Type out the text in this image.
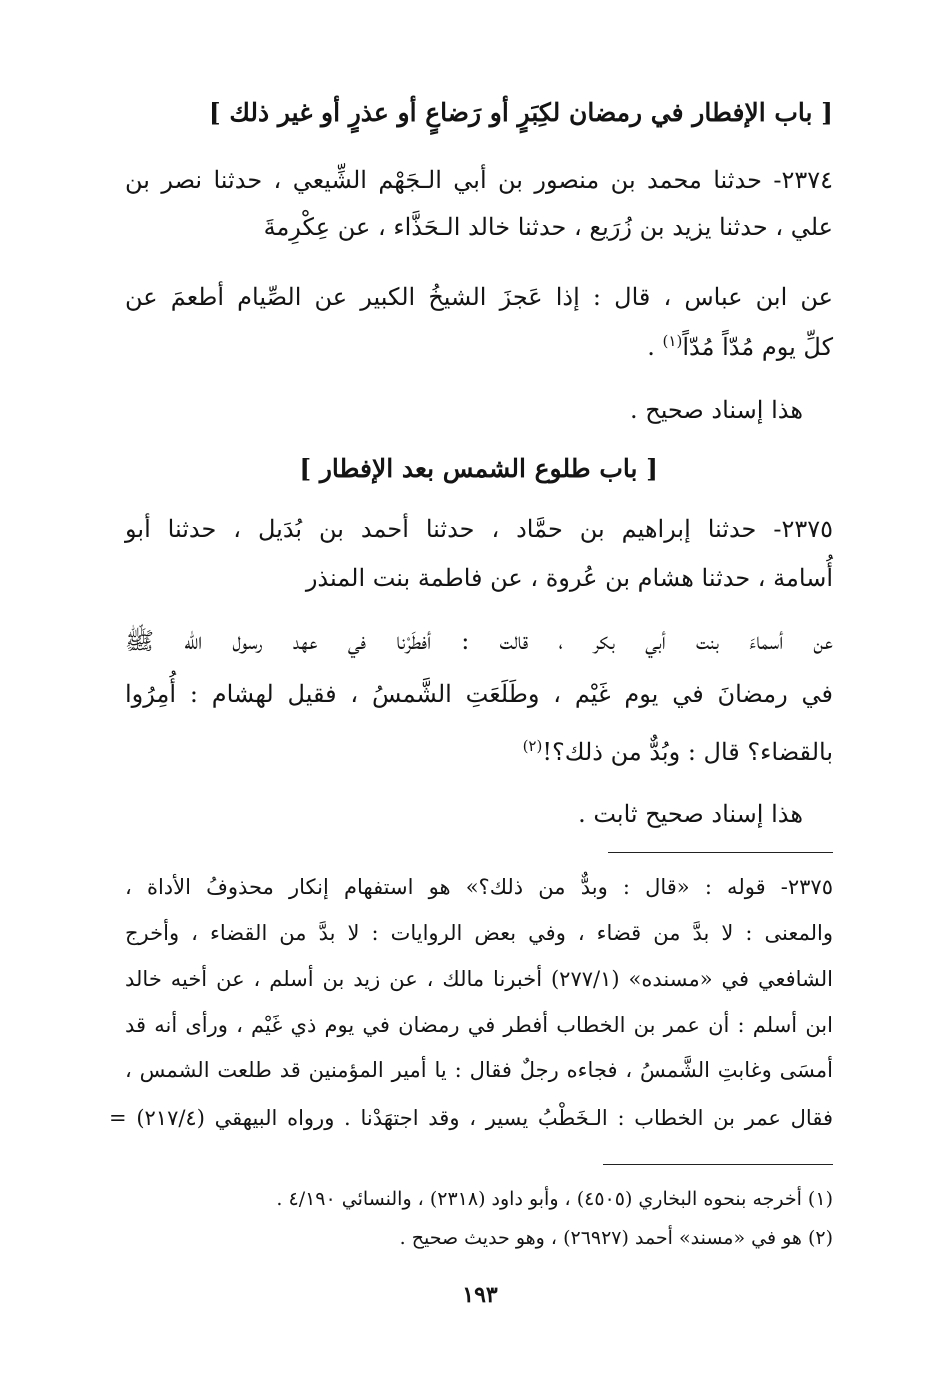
[ باب الإفطار في رمضان لكِبَرٍ أو رَضاعٍ أو عذرٍ أو غير ذلك ]
٢٣٧٤- حدثنا محمد بن منصور بن أبي الـجَهْم الشِّيعي ، حدثنا نصر بن
علي ، حدثنا يزيد بن زُرَيع ، حدثنا خالد الـحَذَّاء ، عن عِكْرِمةَ
عن ابن عباس ، قال : إذا عَجزَ الشيخُ الكبير عن الصِّيام أطعمَ عن
كلِّ يوم مُدّاً مُدّاً$^{(١)}$ .
هذا إسناد صحيح .
[ باب طلوع الشمس بعد الإفطار ]
٢٣٧٥- حدثنا إبراهيم بن حمَّاد ، حدثنا أحمد بن بُدَيل ، حدثنا أبو
أُسامة ، حدثنا هشام بن عُروة ، عن فاطمة بنت المنذر
عن أسماءَ بنت أبي بكر ، قالت : أفطَرْنا في عهد رسول الله ﷺ
في رمضانَ في يوم غَيْم ، وطَلَعَتِ الشَّمسُ ، فقيل لهشام : أُمِرُوا
بالقضاء؟ قال : وبُدٌّ من ذلك؟!$^{(٢)}$
هذا إسناد صحيح ثابت .
٢٣٧٥- قوله : «قال : وبدٌّ من ذلك؟» هو استفهام إنكار محذوفُ الأداة ،
والمعنى : لا بدَّ من قضاء ، وفي بعض الروايات : لا بدَّ من القضاء ، وأخرج
الشافعي في «مسنده» (٢٧٧/١) أخبرنا مالك ، عن زيد بن أسلم ، عن أخيه خالد
ابن أسلم : أن عمر بن الخطاب أفطر في رمضان في يوم ذي غَيْم ، ورأى أنه قد
أمسَى وغابتِ الشَّمسُ ، فجاءه رجلٌ فقال : يا أمير المؤمنين قد طلعت الشمس ،
فقال عمر بن الخطاب : الـخَطْبُ يسير ، وقد اجتهَدْنا . ورواه البيهقي (٢١٧/٤) =
(١) أخرجه بنحوه البخاري (٤٥٠٥) ، وأبو داود (٢٣١٨) ، والنسائي ٤/١٩٠ .
(٢) هو في «مسند» أحمد (٢٦٩٢٧) ، وهو حديث صحيح .
١٩٣
